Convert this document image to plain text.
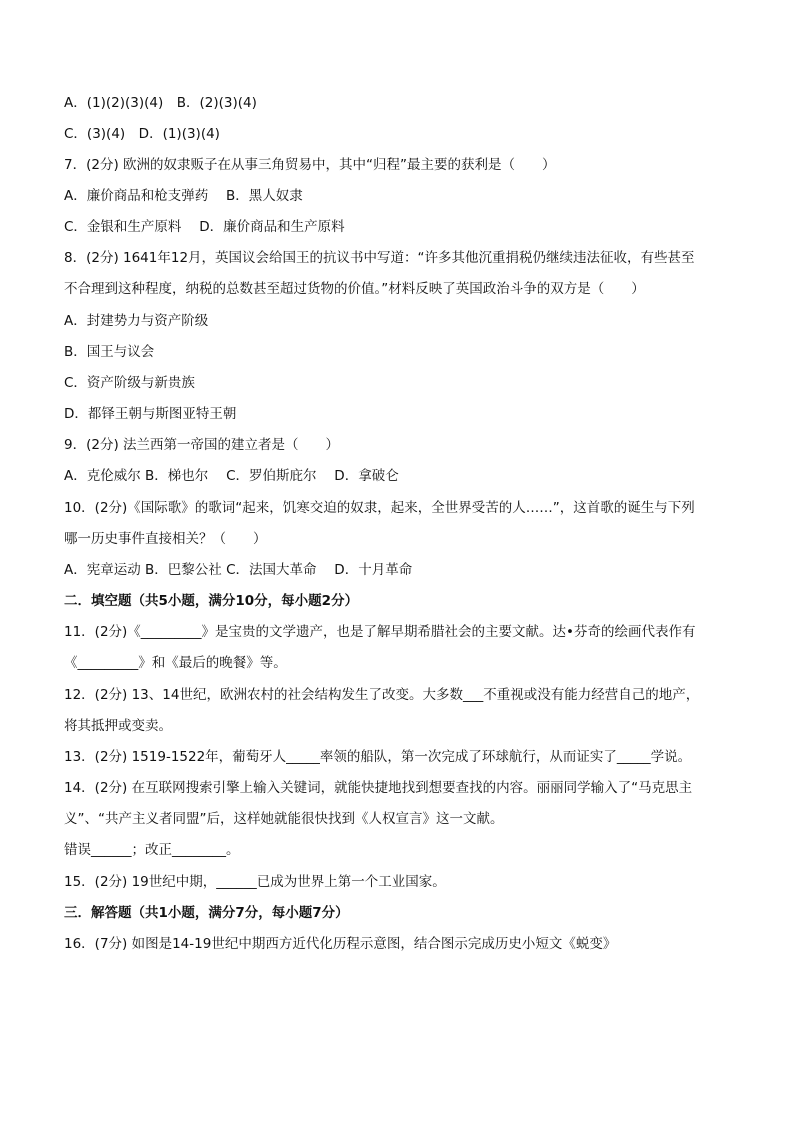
A．(1)(2)(3)(4)　B．(2)(3)(4)
C．(3)(4)　D．(1)(3)(4)
7．(2分) 欧洲的奴隶贩子在从事三角贸易中，其中“归程”最主要的获利是（　　）
A．廉价商品和枪支弹药　 B．黑人奴隶
C．金银和生产原料　 D．廉价商品和生产原料
8．(2分) 1641年12月，英国议会给国王的抗议书中写道：“许多其他沉重捐税仍继续违法征收，有些甚至
不合理到这种程度，纳税的总数甚至超过货物的价值。”材料反映了英国政治斗争的双方是（　　）
A．封建势力与资产阶级
B．国王与议会
C．资产阶级与新贵族
D．都铎王朝与斯图亚特王朝
9．(2分) 法兰西第一帝国的建立者是（　　）
A．克伦威尔 B．梯也尔　 C．罗伯斯庇尔　 D．拿破仑
10．(2分)《国际歌》的歌词“起来，饥寒交迫的奴隶，起来，全世界受苦的人……”，这首歌的诞生与下列
哪一历史事件直接相关？（　　）
A．宪章运动 B．巴黎公社 C．法国大革命　 D．十月革命
二．填空题（共5小题，满分10分，每小题2分）
11．(2分)《_________》是宝贵的文学遗产，也是了解早期希腊社会的主要文献。达•芬奇的绘画代表作有
《_________》和《最后的晚餐》等。
12．(2分) 13、14世纪，欧洲农村的社会结构发生了改变。大多数___不重视或没有能力经营自己的地产，
将其抵押或变卖。
13．(2分) 1519-1522年，葡萄牙人_____率领的船队，第一次完成了环球航行，从而证实了_____学说。
14．(2分) 在互联网搜索引擎上输入关键词，就能快捷地找到想要查找的内容。丽丽同学输入了“马克思主
义”、“共产主义者同盟”后，这样她就能很快找到《人权宣言》这一文献。
错误______；改正________。
15．(2分) 19世纪中期，______已成为世界上第一个工业国家。
三．解答题（共1小题，满分7分，每小题7分）
16．(7分) 如图是14-19世纪中期西方近代化历程示意图，结合图示完成历史小短文《蜕变》
